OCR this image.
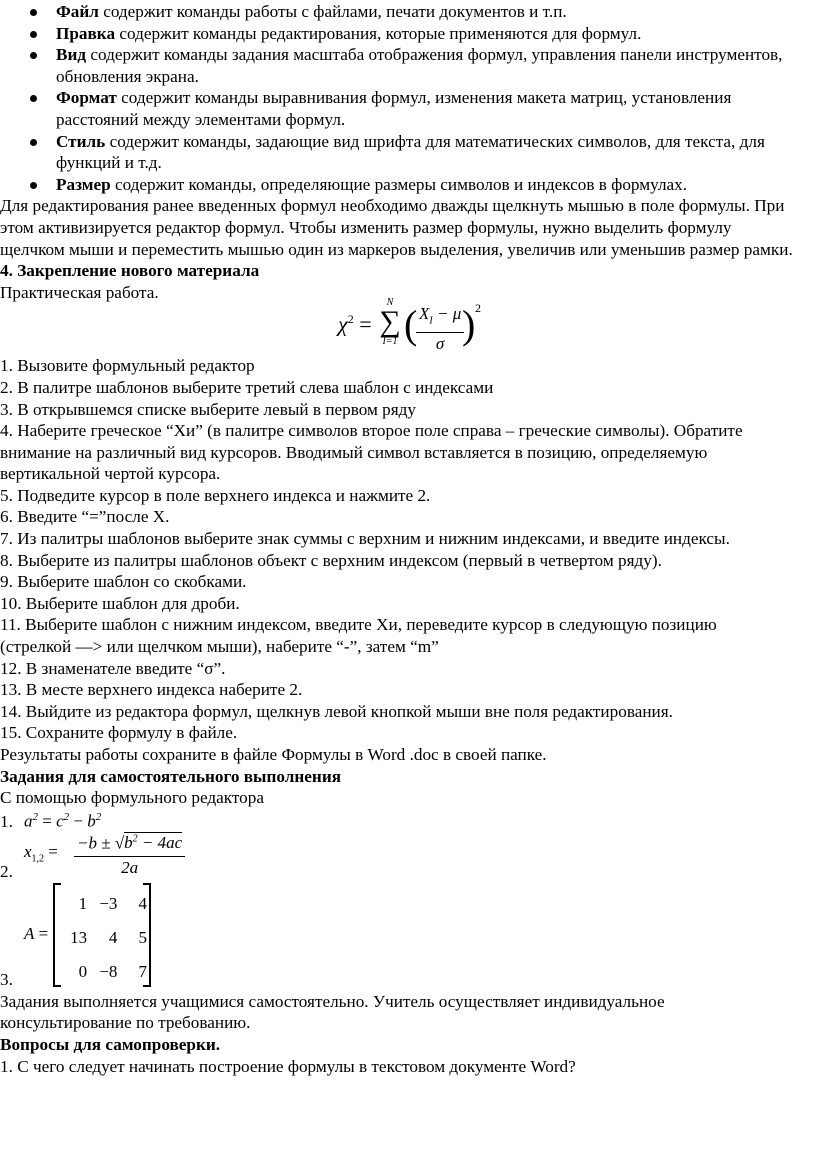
Файл содержит команды работы с файлами, печати документов и т.п.
Правка содержит команды редактирования, которые применяются для формул.
Вид содержит команды задания масштаба отображения формул, управления панели инструментов, обновления экрана.
Формат содержит команды выравнивания формул, изменения макета матриц, установления расстояний между элементами формул.
Стиль содержит команды, задающие вид шрифта для математических символов, для текста, для функций и т.д.
Размер содержит команды, определяющие размеры символов и индексов в формулах.
Для редактирования ранее введенных формул необходимо дважды щелкнуть мышью в поле формулы. При этом активизируется редактор формул. Чтобы изменить размер формулы, нужно выделить формулу щелчком мыши и переместить мышью один из маркеров выделения, увеличив или уменьшив размер рамки.
4. Закрепление нового материала
Практическая работа.
$\chi^2$ =
N
∑
I=1 (
$\frac{X_I - \mu}{\sigma}$
) 2
1. Вызовите формульный редактор
2. В палитре шаблонов выберите третий слева шаблон с индексами
3. В открывшемся списке выберите левый в первом ряду
4. Наберите греческое “Хи” (в палитре символов второе поле справа – греческие символы). Обратите внимание на различный вид курсоров. Вводимый символ вставляется в позицию, определяемую вертикальной чертой курсора.
5. Подведите курсор в поле верхнего индекса и нажмите 2.
6. Введите “=”после X.
7. Из палитры шаблонов выберите знак суммы с верхним и нижним индексами, и введите индексы.
8. Выберите из палитры шаблонов объект с верхним индексом (первый в четвертом ряду).
9. Выберите шаблон со скобками.
10. Выберите шаблон для дроби.
11. Выберите шаблон с нижним индексом, введите Хи, переведите курсор в следующую позицию (стрелкой —> или щелчком мыши), наберите “-”, затем “m”
12. В знаменателе введите “σ”.
13. В месте верхнего индекса наберите 2.
14. Выйдите из редактора формул, щелкнув левой кнопкой мыши вне поля редактирования.
15. Сохраните формулу в файле.
Результаты работы сохраните в файле Формулы в Word .doc в своей папке.
Задания для самостоятельного выполнения
С помощью формульного редактора
1. $a^2 = c^2 - b^2$
2.
$x_{1,2} = \frac{-b \pm √b^2 - 4ac}{2a}$
3.
A =
1	−3	4
13	4	5
0	−8	7
Задания выполняется учащимися самостоятельно. Учитель осуществляет индивидуальное консультирование по требованию.
Вопросы для самопроверки.
1. С чего следует начинать построение формулы в текстовом документе Word?
